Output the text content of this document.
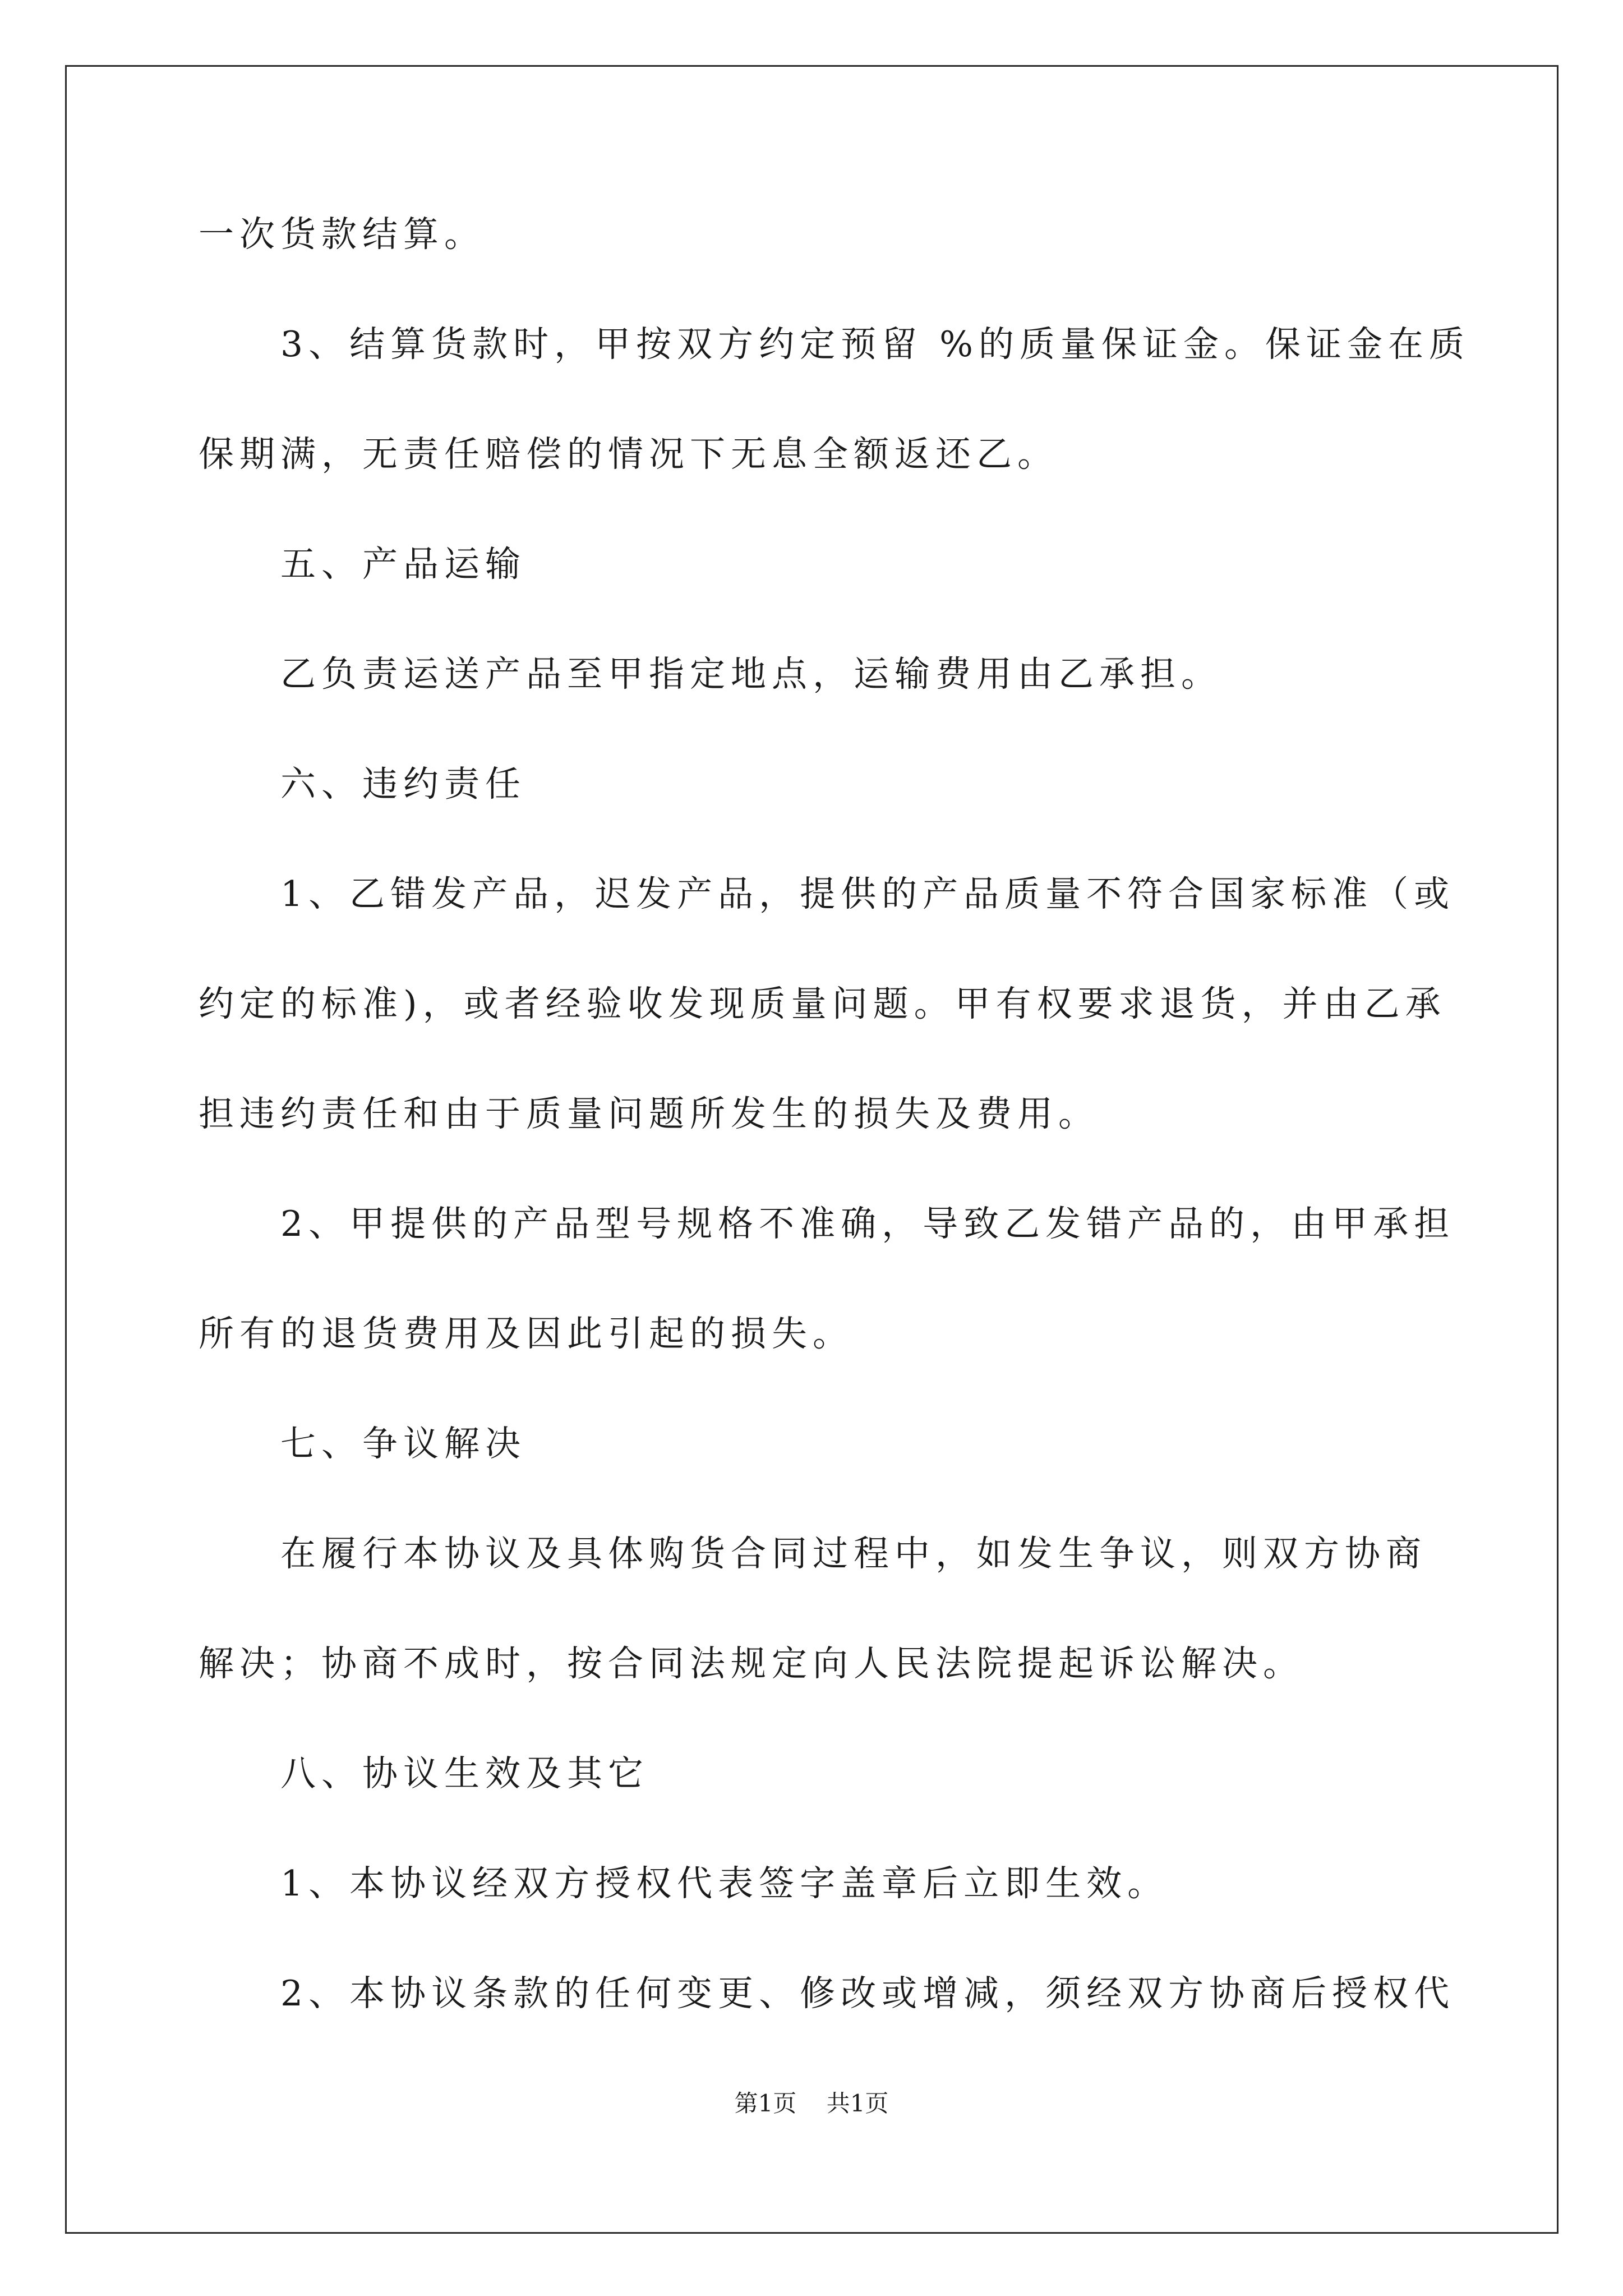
一次货款结算。
3、结算货款时，甲按双方约定预留 %的质量保证金。保证金在质
保期满，无责任赔偿的情况下无息全额返还乙。
五、产品运输
乙负责运送产品至甲指定地点，运输费用由乙承担。
六、违约责任
1、乙错发产品，迟发产品，提供的产品质量不符合国家标准（或
约定的标准)，或者经验收发现质量问题。甲有权要求退货，并由乙承
担违约责任和由于质量问题所发生的损失及费用。
2、甲提供的产品型号规格不准确，导致乙发错产品的，由甲承担
所有的退货费用及因此引起的损失。
七、争议解决
在履行本协议及具体购货合同过程中，如发生争议，则双方协商
解决；协商不成时，按合同法规定向人民法院提起诉讼解决。
八、协议生效及其它
1、本协议经双方授权代表签字盖章后立即生效。
2、本协议条款的任何变更、修改或增减，须经双方协商后授权代
第1页 共1页
